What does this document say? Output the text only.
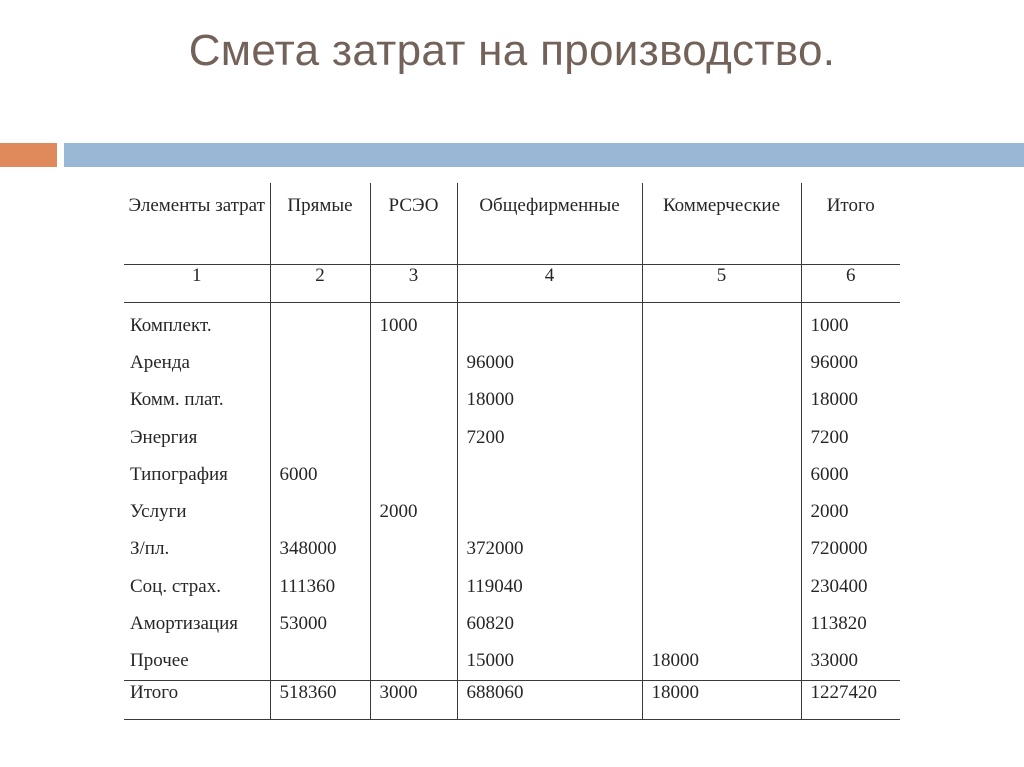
Смета затрат на производство.
Элементы затрат	Прямые	РСЭО	Общефирменные	Коммерческие	Итого
1	2	3	4	5	6
Комплект.		1000			1000
Аренда			96000		96000
Комм. плат.			18000		18000
Энергия			7200		7200
Типография	6000				6000
Услуги		2000			2000
З/пл.	348000		372000		720000
Соц. страх.	111360		119040		230400
Амортизация	53000		60820		113820
Прочее			15000	18000	33000
Итого	518360	3000	688060	18000	1227420
